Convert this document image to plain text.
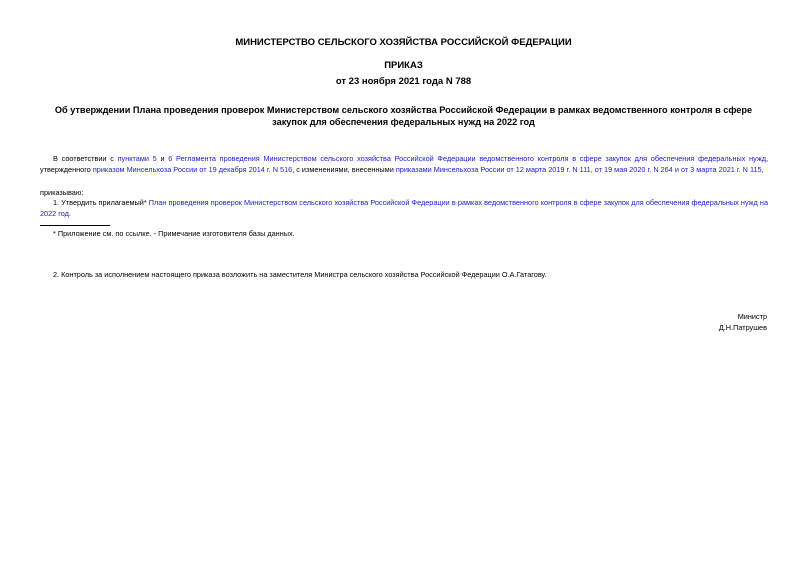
МИНИСТЕРСТВО СЕЛЬСКОГО ХОЗЯЙСТВА РОССИЙСКОЙ ФЕДЕРАЦИИ
ПРИКАЗ
от 23 ноября 2021 года N 788
Об утверждении Плана проведения проверок Министерством сельского хозяйства Российской Федерации в рамках ведомственного контроля в сфере закупок для обеспечения федеральных нужд на 2022 год
В соответствии с пунктами 5 и 6 Регламента проведения Министерством сельского хозяйства Российской Федерации ведомственного контроля в сфере закупок для обеспечения федеральных нужд, утвержденного приказом Минсельхоза России от 19 декабря 2014 г. N 516, с изменениями, внесенными приказами Минсельхоза России от 12 марта 2019 г. N 111, от 19 мая 2020 г. N 264 и от 3 марта 2021 г. N 115,
приказываю:
1. Утвердить прилагаемый* План проведения проверок Министерством сельского хозяйства Российской Федерации в рамках ведомственного контроля в сфере закупок для обеспечения федеральных нужд на 2022 год.
* Приложение см. по ссылке. - Примечание изготовителя базы данных.
2. Контроль за исполнением настоящего приказа возложить на заместителя Министра сельского хозяйства Российской Федерации О.А.Гатагову.
Министр
Д.Н.Патрушев
